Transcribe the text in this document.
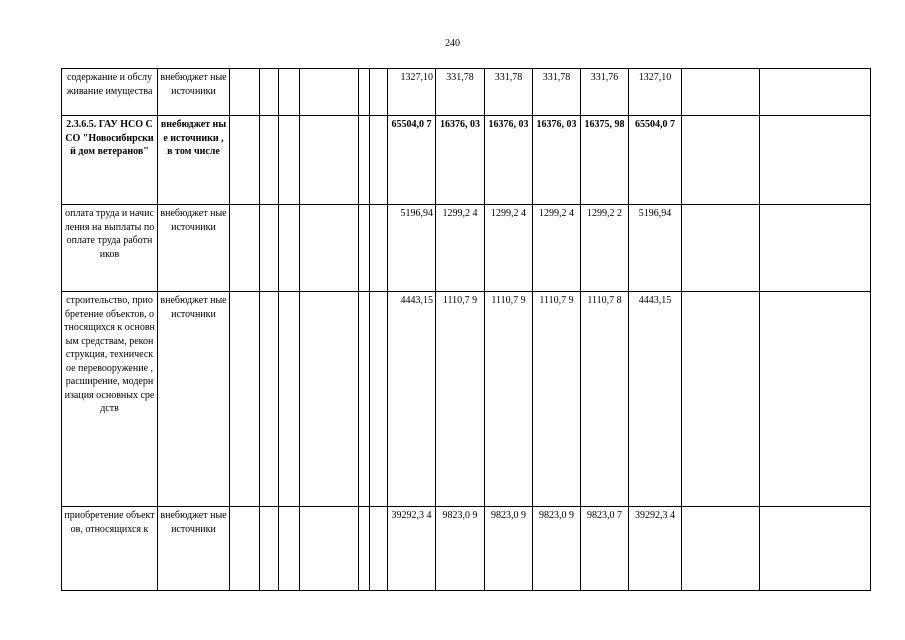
240
содержание и обслуживание имущества	внебюджет ные источники							1327,10	331,78	331,78	331,78	331,76	1327,10		
2.3.6.5. ГАУ НСО ССО "Новосибирски й дом ветеранов"	внебюджет ные источники , в том числе							65504,0 7	16376, 03	16376, 03	16376, 03	16375, 98	65504,0 7		
оплата труда и начисления на выплаты по оплате труда работников	внебюджет ные источники							5196,94	1299,2 4	1299,2 4	1299,2 4	1299,2 2	5196,94		
строительство, приобретение объектов, относящихся к основным средствам, реконструкция, техническое перевооружение , расширение, модернизация основных средств	внебюджет ные источники							4443,15	1110,7 9	1110,7 9	1110,7 9	1110,7 8	4443,15		
приобретение объектов, относящихся к	внебюджет ные источники							39292,3 4	9823,0 9	9823,0 9	9823,0 9	9823,0 7	39292,3 4		
